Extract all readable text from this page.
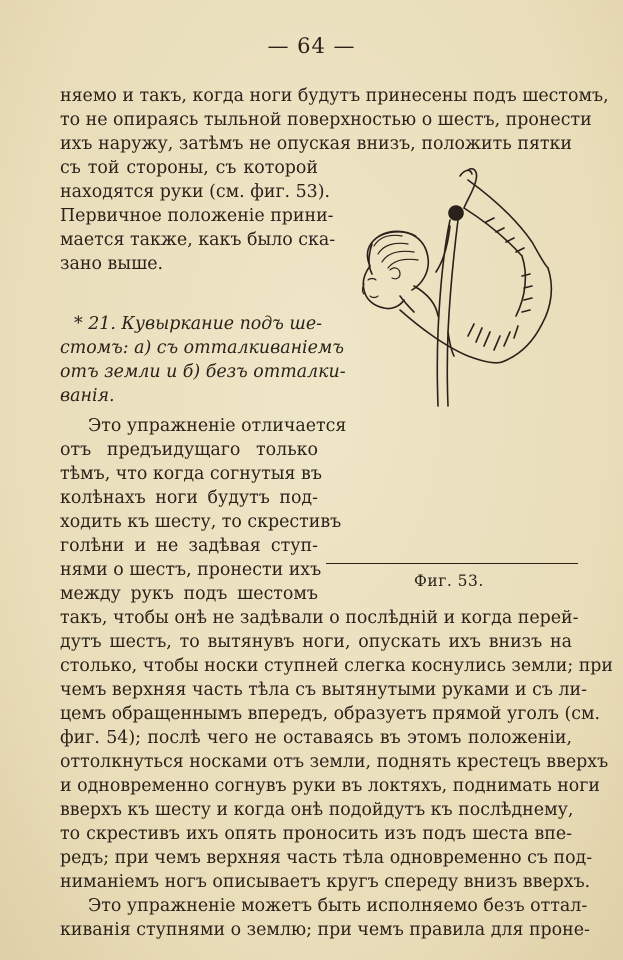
— 64 —
няемо и такъ, когда ноги будутъ принесены подъ шестомъ,
то не опираясь тыльной поверхностью о шестъ, пронести
ихъ наружу, затѣмъ не опуская внизъ, положить пятки
съ той стороны, съ которой
находятся руки (см. фиг. 53).
Первичное положенiе прини-
мается также, какъ было ска-
зано выше.
* 21. Кувыркание подъ ше-
стомъ: а) съ отталкиванiемъ
отъ земли и б) безъ отталки-
ванiя.
Это упражненiе отличается
отъ предъидущаго только
тѣмъ, что когда согнутыя въ
колѣнахъ ноги будутъ под-
ходить къ шесту, то скрестивъ
голѣни и не задѣвая ступ-
нями о шестъ, пронести ихъ
между рукъ подъ шестомъ
Фиг. 53.
такъ, чтобы онѣ не задѣвали о послѣднiй и когда перей-
дутъ шестъ, то вытянувъ ноги, опускать ихъ внизъ на
столько, чтобы носки ступней слегка коснулись земли; при
чемъ верхняя часть тѣла съ вытянутыми руками и съ ли-
цемъ обращеннымъ впередъ, образуетъ прямой уголъ (см.
фиг. 54); послѣ чего не оставаясь въ этомъ положенiи,
оттолкнуться носками отъ земли, поднять крестецъ вверхъ
и одновременно согнувъ руки въ локтяхъ, поднимать ноги
вверхъ къ шесту и когда онѣ подойдутъ къ послѣднему,
то скрестивъ ихъ опять проносить изъ подъ шеста впе-
редъ; при чемъ верхняя часть тѣла одновременно съ под-
ниманiемъ ногъ описываетъ кругъ спереду внизъ вверхъ.
Это упражненiе можетъ быть исполняемо безъ оттал-
киванiя ступнями о землю; при чемъ правила для проне-
